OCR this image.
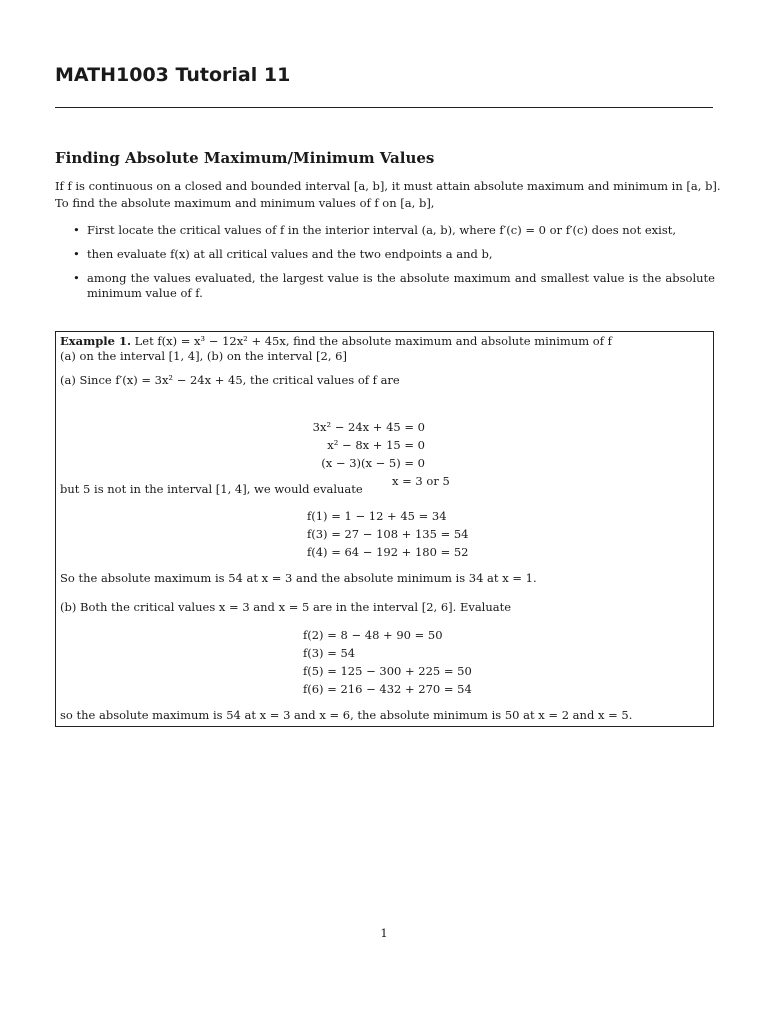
MATH1003 Tutorial 11
Finding Absolute Maximum/Minimum Values
If f is continuous on a closed and bounded interval [a, b], it must attain absolute maximum and minimum in [a, b].
To find the absolute maximum and minimum values of f on [a, b],
• First locate the critical values of f in the interior interval (a, b), where f′(c) = 0 or f′(c) does not exist,
• then evaluate f(x) at all critical values and the two endpoints a and b,
• among the values evaluated, the largest value is the absolute maximum and smallest value is the absolute minimum value of f.
Example 1. Let f(x) = x³ − 12x² + 45x, find the absolute maximum and absolute minimum of f
(a) on the interval [1, 4], (b) on the interval [2, 6]
(a) Since f′(x) = 3x² − 24x + 45, the critical values of f are
3x² − 24x + 45 = 0
x² − 8x + 15 = 0
(x − 3)(x − 5) = 0
x = 3 or 5
but 5 is not in the interval [1, 4], we would evaluate
f(1) = 1 − 12 + 45 = 34
f(3) = 27 − 108 + 135 = 54
f(4) = 64 − 192 + 180 = 52
So the absolute maximum is 54 at x = 3 and the absolute minimum is 34 at x = 1.
(b) Both the critical values x = 3 and x = 5 are in the interval [2, 6]. Evaluate
f(2) = 8 − 48 + 90 = 50
f(3) = 54
f(5) = 125 − 300 + 225 = 50
f(6) = 216 − 432 + 270 = 54
so the absolute maximum is 54 at x = 3 and x = 6, the absolute minimum is 50 at x = 2 and x = 5.
1
